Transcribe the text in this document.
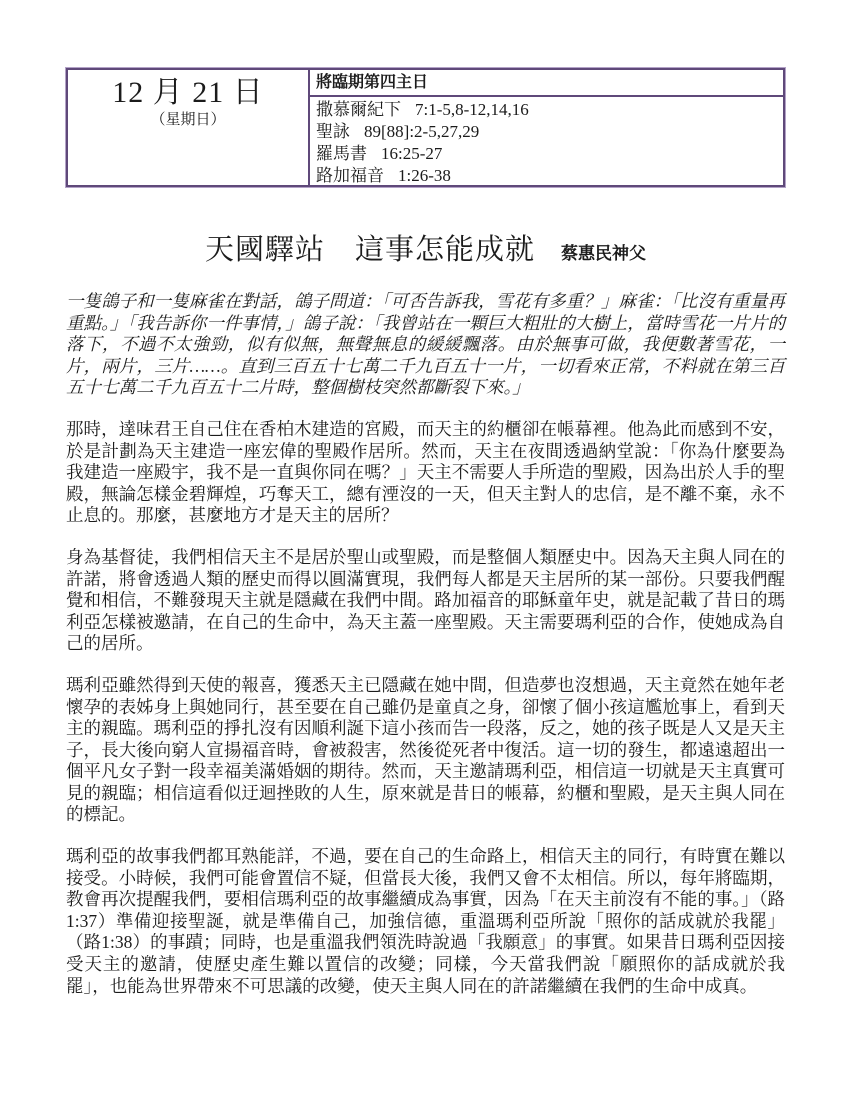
12 月 21 日
（星期日）
將臨期第四主日
撒慕爾紀下 7:1-5,8-12,14,16
聖詠 89[88]:2-5,27,29
羅馬書 16:25-27
路加福音 1:26-38
天國驛站　這事怎能成就 蔡惠民神父

一隻鴿子和一隻麻雀在對話，鴿子問道：「可否告訴我，雪花有多重？」麻雀：「比沒有重量再重點。」「我告訴你一件事情，」鴿子說：「我曾站在一顆巨大粗壯的大樹上，當時雪花一片片的落下，不過不太強勁，似有似無，無聲無息的緩緩飄落。由於無事可做，我便數著雪花，一片，兩片，三片……。直到三百五十七萬二千九百五十一片，一切看來正常，不料就在第三百五十七萬二千九百五十二片時，整個樹枝突然都斷裂下來。」

那時，達味君王自己住在香柏木建造的宮殿，而天主的約櫃卻在帳幕裡。他為此而感到不安，於是計劃為天主建造一座宏偉的聖殿作居所。然而，天主在夜間透過納堂說：「你為什麼要為我建造一座殿宇，我不是一直與你同在嗎？」天主不需要人手所造的聖殿，因為出於人手的聖殿，無論怎樣金碧輝煌，巧奪天工，總有湮沒的一天，但天主對人的忠信，是不離不棄，永不止息的。那麼，甚麼地方才是天主的居所？

身為基督徒，我們相信天主不是居於聖山或聖殿，而是整個人類歷史中。因為天主與人同在的許諾，將會透過人類的歷史而得以圓滿實現，我們每人都是天主居所的某一部份。只要我們醒覺和相信，不難發現天主就是隱藏在我們中間。路加福音的耶穌童年史，就是記載了昔日的瑪利亞怎樣被邀請，在自己的生命中，為天主蓋一座聖殿。天主需要瑪利亞的合作，使她成為自己的居所。

瑪利亞雖然得到天使的報喜，獲悉天主已隱藏在她中間，但造夢也沒想過，天主竟然在她年老懷孕的表姊身上與她同行，甚至要在自己雖仍是童貞之身，卻懷了個小孩這尷尬事上，看到天主的親臨。瑪利亞的掙扎沒有因順利誕下這小孩而告一段落，反之，她的孩子既是人又是天主子，長大後向窮人宣揚福音時，會被殺害，然後從死者中復活。這一切的發生，都遠遠超出一個平凡女子對一段幸福美滿婚姻的期待。然而，天主邀請瑪利亞，相信這一切就是天主真實可見的親臨；相信這看似迂迴挫敗的人生，原來就是昔日的帳幕，約櫃和聖殿，是天主與人同在的標記。

瑪利亞的故事我們都耳熟能詳，不過，要在自己的生命路上，相信天主的同行，有時實在難以接受。小時候，我們可能會置信不疑，但當長大後，我們又會不太相信。所以，每年將臨期，教會再次提醒我們，要相信瑪利亞的故事繼續成為事實，因為「在天主前沒有不能的事。」（路1:37）準備迎接聖誕，就是準備自己，加強信德，重溫瑪利亞所說「照你的話成就於我罷」（路1:38）的事蹟；同時，也是重溫我們領洗時說過「我願意」的事實。如果昔日瑪利亞因接受天主的邀請，使歷史產生難以置信的改變；同樣，今天當我們說「願照你的話成就於我罷」，也能為世界帶來不可思議的改變，使天主與人同在的許諾繼續在我們的生命中成真。
